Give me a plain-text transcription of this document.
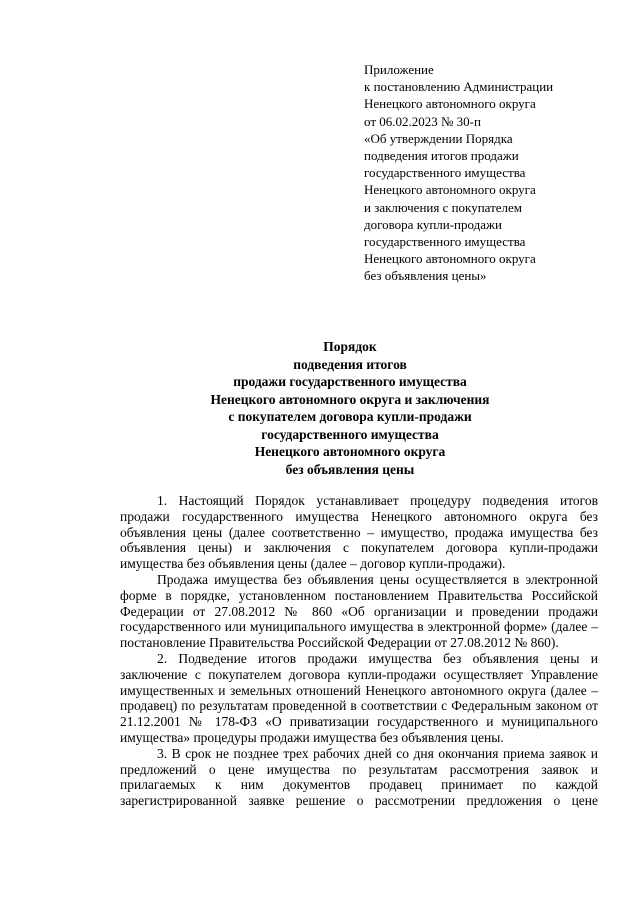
Приложение
к постановлению Администрации
Ненецкого автономного округа
от 06.02.2023 № 30-п
«Об утверждении Порядка
подведения итогов продажи
государственного имущества
Ненецкого автономного округа
и заключения с покупателем
договора купли-продажи
государственного имущества
Ненецкого автономного округа
без объявления цены»
Порядок
подведения итогов
продажи государственного имущества
Ненецкого автономного округа и заключения
с покупателем договора купли-продажи
государственного имущества
Ненецкого автономного округа
без объявления цены

1. Настоящий Порядок устанавливает процедуру подведения итогов продажи государственного имущества Ненецкого автономного округа без объявления цены (далее соответственно – имущество, продажа имущества без объявления цены) и заключения с покупателем договора купли-продажи имущества без объявления цены (далее – договор купли-продажи).

Продажа имущества без объявления цены осуществляется в электронной форме в порядке, установленном постановлением Правительства Российской Федерации от 27.08.2012 № 860 «Об организации и проведении продажи государственного или муниципального имущества в электронной форме» (далее – постановление Правительства Российской Федерации от 27.08.2012 № 860).

2. Подведение итогов продажи имущества без объявления цены и заключение с покупателем договора купли-продажи осуществляет Управление имущественных и земельных отношений Ненецкого автономного округа (далее – продавец) по результатам проведенной в соответствии с Федеральным законом от 21.12.2001 № 178-ФЗ «О приватизации государственного и муниципального имущества» процедуры продажи имущества без объявления цены.

3. В срок не позднее трех рабочих дней со дня окончания приема заявок и предложений о цене имущества по результатам рассмотрения заявок и прилагаемых к ним документов продавец принимает по каждой зарегистрированной заявке решение о рассмотрении предложения о цене
